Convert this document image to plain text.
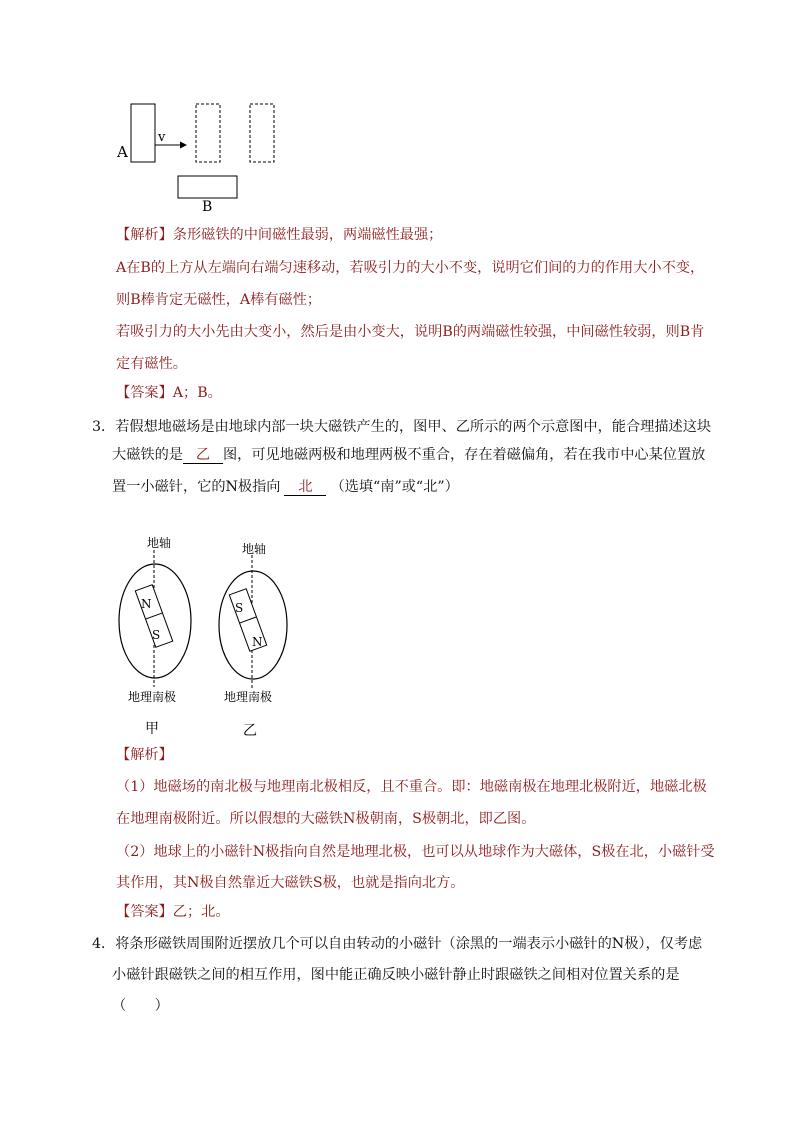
A
v
B
【解析】条形磁铁的中间磁性最弱，两端磁性最强；
A在B的上方从左端向右端匀速移动，若吸引力的大小不变，说明它们间的力的作用大小不变，
则B棒肯定无磁性，A棒有磁性；
若吸引力的大小先由大变小，然后是由小变大，说明B的两端磁性较强，中间磁性较弱，则B肯
定有磁性。
【答案】A；B。
3．若假想地磁场是由地球内部一块大磁铁产生的，图甲、乙所示的两个示意图中，能合理描述这块
大磁铁的是 乙 图，可见地磁两极和地理两极不重合，存在着磁偏角，若在我市中心某位置放
置一小磁针，它的N极指向 北 （选填“南”或“北”）
地轴	地轴
N
S
S
N
地理南极	地理南极
甲	乙
【解析】
（1）地磁场的南北极与地理南北极相反，且不重合。即：地磁南极在地理北极附近，地磁北极
在地理南极附近。所以假想的大磁铁N极朝南，S极朝北，即乙图。
（2）地球上的小磁针N极指向自然是地理北极，也可以从地球作为大磁体，S极在北，小磁针受
其作用，其N极自然靠近大磁铁S极，也就是指向北方。
【答案】乙；北。
4．将条形磁铁周围附近摆放几个可以自由转动的小磁针（涂黑的一端表示小磁针的N极），仅考虑
小磁针跟磁铁之间的相互作用，图中能正确反映小磁针静止时跟磁铁之间相对位置关系的是
（　　）
